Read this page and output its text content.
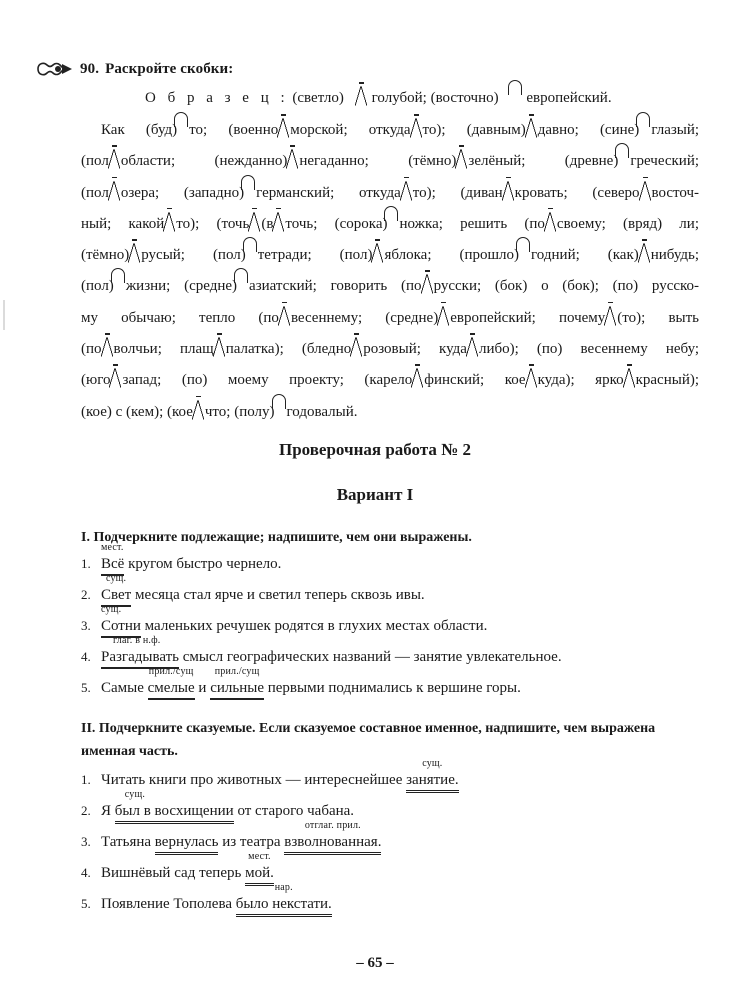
90. Раскройте скобки:
О б р а з е ц : (светло) голубой; (восточно) европейский.
Как (буд) то; (военно морской; откуда то); (давным) давно; (сине) глазый;
(пол области;	(нежданно) негаданно;	(тёмно) зелёный;	(древне) греческий;
(пол озера; (западно) германский; откуда то); (диван кровать; (северо восточ-
ный; какой то); (точь (в точь; (сорока) ножка; решить (по своему; (вряд) ли;
(тёмно) русый; (пол) тетради; (пол) яблока; (прошло) годний; (как) нибудь;
(пол) жизни; (средне) азиатский; говорить (по русски; (бок) о (бок); (по) русско-
му обычаю; тепло (по весеннему; (средне) европейский; почему (то); выть
(по волчьи; плащ палатка); (бледно розовый; куда либо); (по) весеннему небу;
(юго запад; (по) моему проекту; (карело финский; кое куда); ярко красный);
(кое) с (кем); (кое что; (полу) годовалый.
Проверочная работа № 2
Вариант I
I. Подчеркните подлежащие; надпишите, чем они выражены.
1.
мест.
Всё кругом быстро чернело.
2.
сущ.
Свет месяца стал ярче и светил теперь сквозь ивы.
3.
сущ.
Сотни маленьких речушек родятся в глухих местах области.
4.
глаг. в н.ф.
Разгадывать смысл географических названий — занятие увлекательное.
5. Самые
прил./сущ
смелые и
прил./сущ
сильные первыми поднимались к вершине горы.
II. Подчеркните сказуемые. Если сказуемое составное именное, надпишите, чем выражена именная часть.
1. Читать книги про животных — интереснейшее
сущ.
занятие.
2. Я
сущ.
был в восхищении от старого чабана.
3. Татьяна вернулась из театра
отглаг. прил.
взволнованная.
4. Вишнёвый сад теперь
мест.
мой.
5. Появление Тополева
нар.
было некстати.
– 65 –
